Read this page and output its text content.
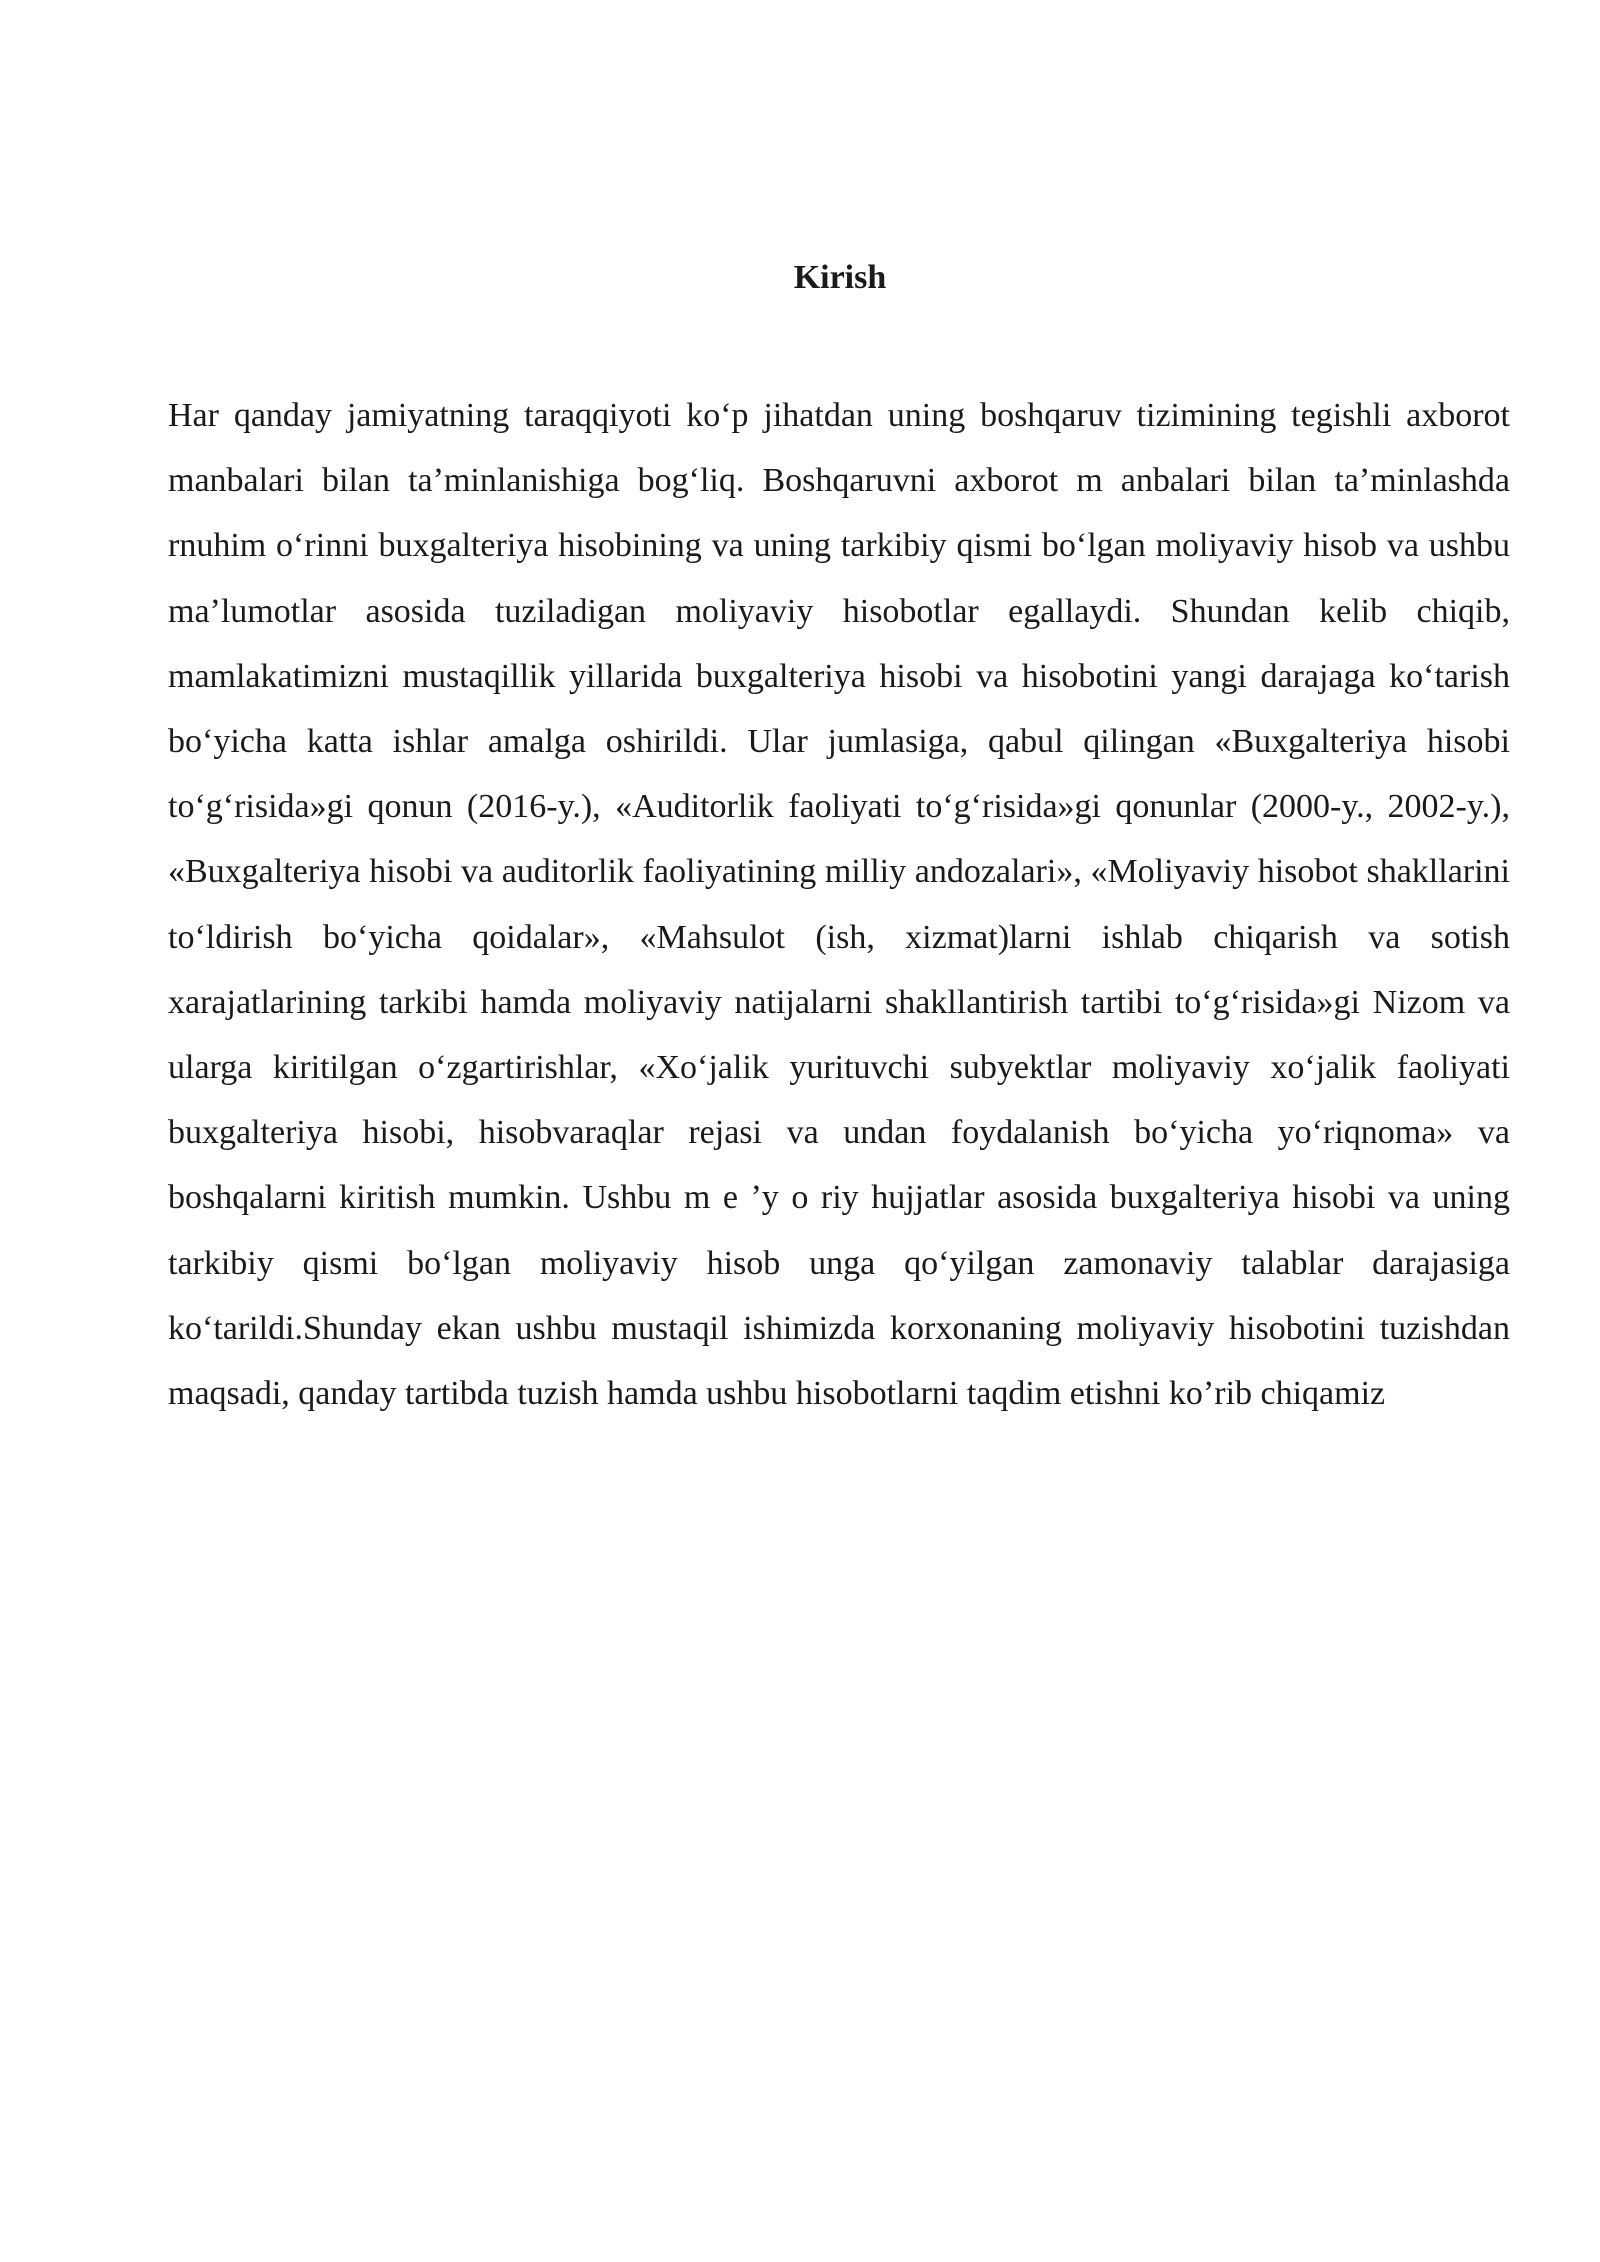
Kirish

Har qanday jamiyatning taraqqiyoti koʻp jihatdan uning boshqaruv tizimining tegishli axborot manbalari bilan taʼminlanishiga bogʻliq. Boshqaruvni axborot m anbalari bilan taʼminlashda rnuhim oʻrinni buxgalteriya hisobining va uning tarkibiy qismi boʻlgan moliyaviy hisob va ushbu maʼlumotlar asosida tuziladigan moliyaviy hisobotlar egallaydi. Shundan kelib chiqib, mamlakatimizni mustaqillik yillarida buxgalteriya hisobi va hisobotini yangi darajaga koʻtarish boʻyicha katta ishlar amalga oshirildi. Ular jumlasiga, qabul qilingan «Buxgalteriya hisobi toʻgʻrisida»gi qonun (2016-y.), «Auditorlik faoliyati toʻgʻrisida»gi qonunlar (2000-y., 2002-y.), «Buxgalteriya hisobi va auditorlik faoliyatining milliy andozalari», «Moliyaviy hisobot shakllarini toʻldirish boʻyicha qoidalar», «Mahsulot (ish, xizmat)larni ishlab chiqarish va sotish xarajatlarining tarkibi hamda moliyaviy natijalarni shakllantirish tartibi toʻgʻrisida»gi Nizom va ularga kiritilgan oʻzgartirishlar, «Xoʻjalik yurituvchi subyektlar moliyaviy xoʻjalik faoliyati buxgalteriya hisobi, hisobvaraqlar rejasi va undan foydalanish boʻyicha yoʻriqnoma» va boshqalarni kiritish mumkin. Ushbu m e ʼy o riy hujjatlar asosida buxgalteriya hisobi va uning tarkibiy qismi boʻlgan moliyaviy hisob unga qoʻyilgan zamonaviy talablar darajasiga koʻtarildi.Shunday ekan ushbu mustaqil ishimizda korxonaning moliyaviy hisobotini tuzishdan maqsadi, qanday tartibda tuzish hamda ushbu hisobotlarni taqdim etishni koʼrib chiqamiz
